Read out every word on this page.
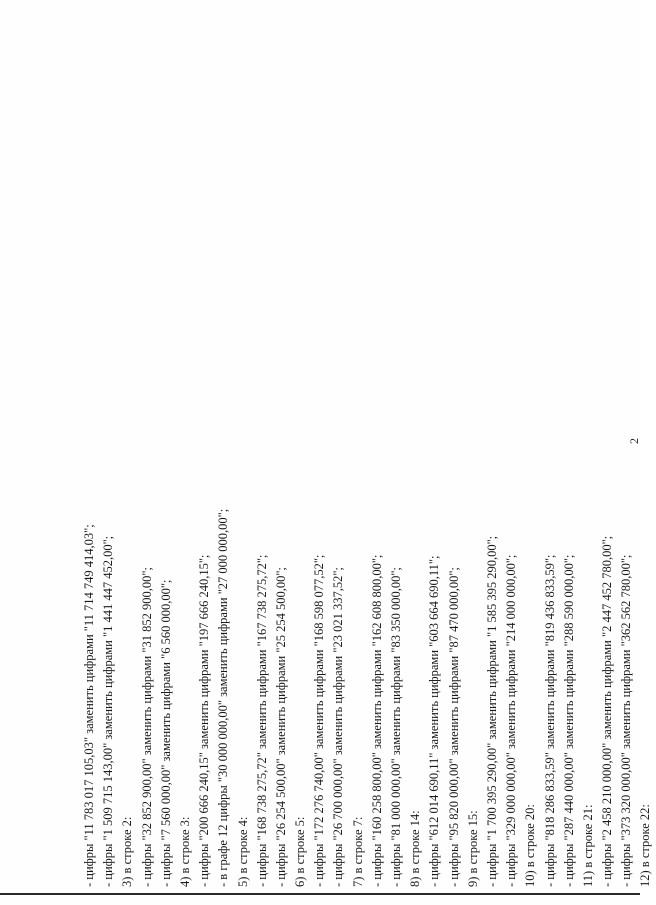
2
- цифры "11 783 017 105,03" заменить цифрами "11 714 749 414,03"; - цифры "1 509 715 143,00" заменить цифрами "1 441 447 452,00"; 3) в строке 2: - цифры "32 852 900,00" заменить цифрами "31 852 900,00"; - цифры "7 560 000,00" заменить цифрами "6 560 000,00"; 4) в строке 3: - цифры "200 666 240,15" заменить цифрами "197 666 240,15"; - в графе 12 цифры "30 000 000,00" заменить цифрами "27 000 000,00"; 5) в строке 4: - цифры "168 738 275,72" заменить цифрами "167 738 275,72"; - цифры "26 254 500,00" заменить цифрами "25 254 500,00"; 6) в строке 5: - цифры "172 276 740,00" заменить цифрами "168 598 077,52"; - цифры "26 700 000,00" заменить цифрами "23 021 337,52"; 7) в строке 7: - цифры "160 258 800,00" заменить цифрами "162 608 800,00"; - цифры "81 000 000,00" заменить цифрами "83 350 000,00"; 8) в строке 14: - цифры "612 014 690,11" заменить цифрами "603 664 690,11"; - цифры "95 820 000,00" заменить цифрами "87 470 000,00"; 9) в строке 15: - цифры "1 700 395 290,00" заменить цифрами "1 585 395 290,00"; - цифры "329 000 000,00" заменить цифрами "214 000 000,00"; 10) в строке 20: - цифры "818 286 833,59" заменить цифрами "819 436 833,59"; - цифры "287 440 000,00" заменить цифрами "288 590 000,00"; 11) в строке 21: - цифры "2 458 210 000,00" заменить цифрами "2 447 452 780,00"; - цифры "373 320 000,00" заменить цифрами "362 562 780,00"; 12) в строке 22:
